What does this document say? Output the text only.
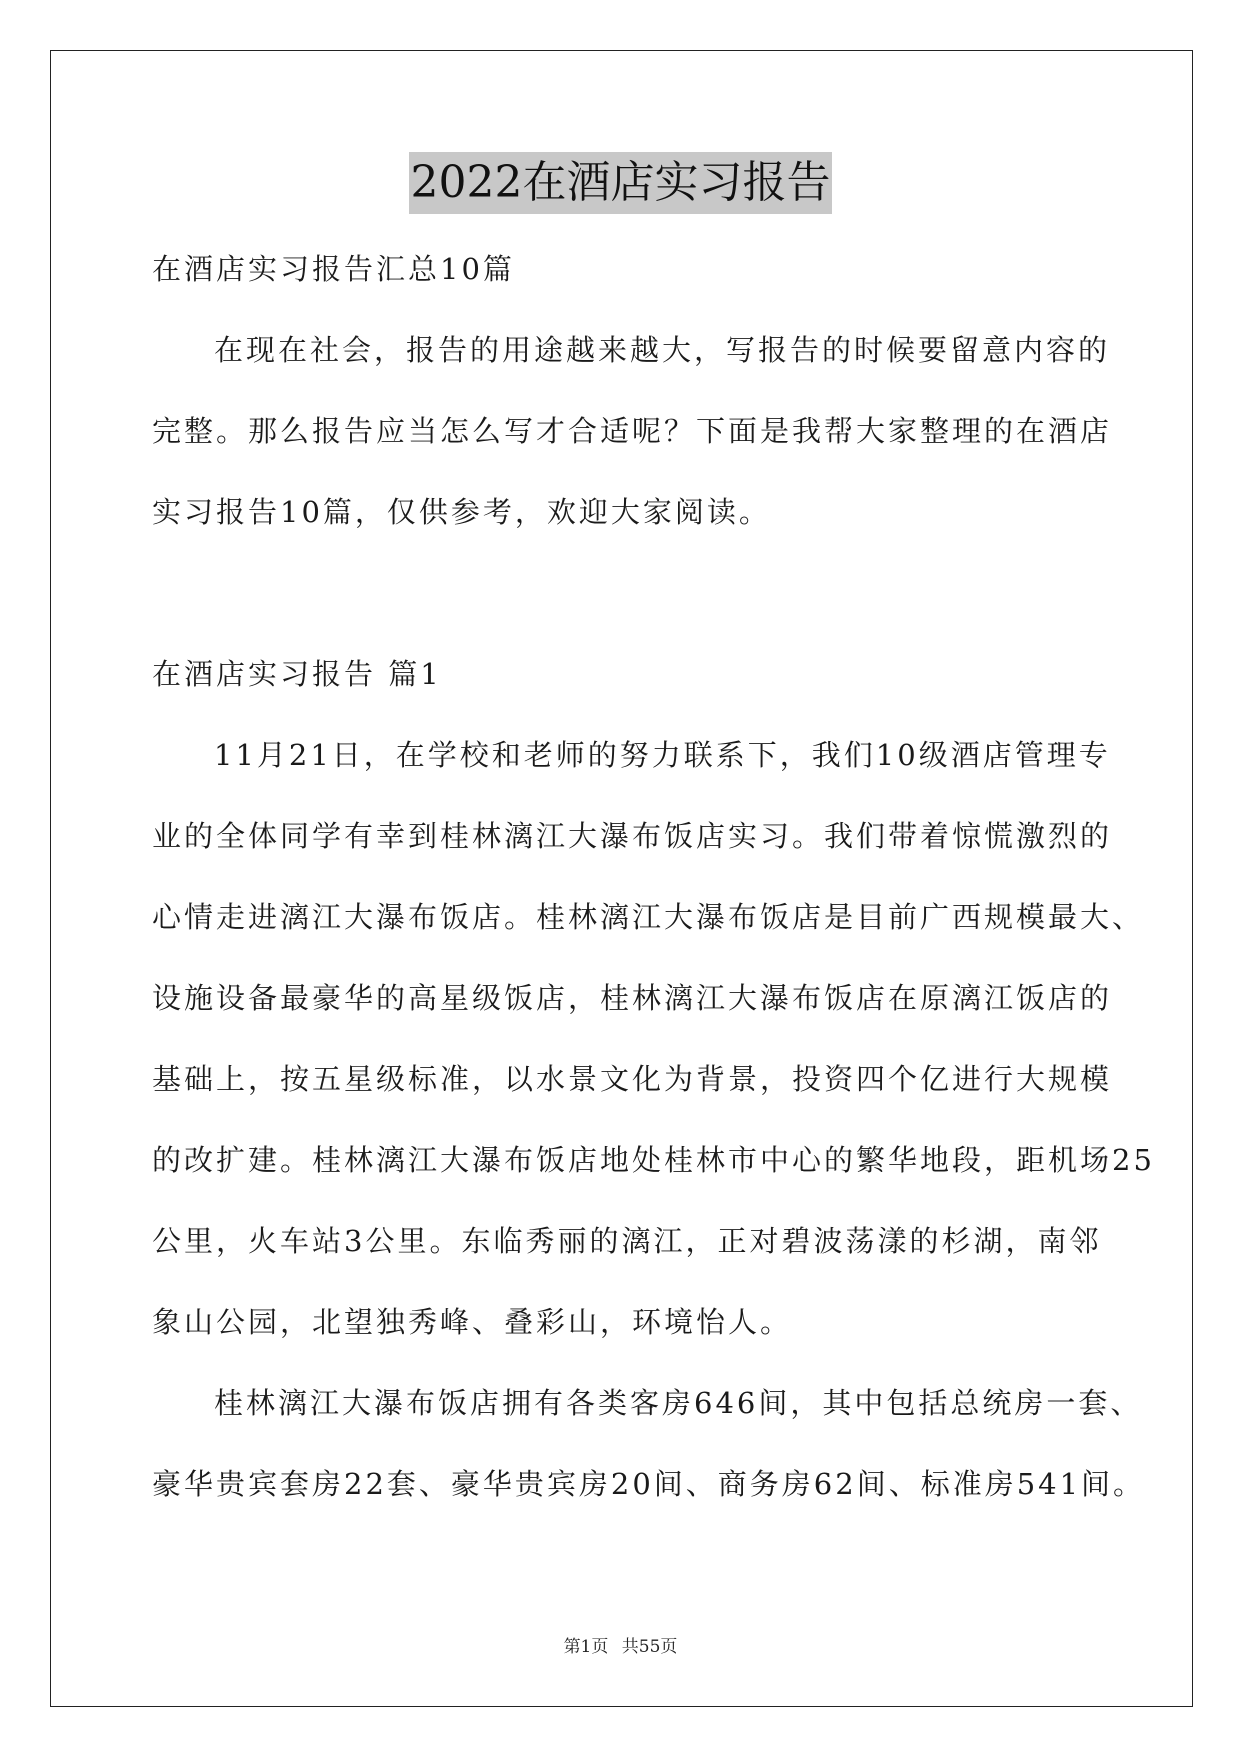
2022在酒店实习报告
在酒店实习报告汇总10篇
在现在社会，报告的用途越来越大，写报告的时候要留意内容的
完整。那么报告应当怎么写才合适呢？下面是我帮大家整理的在酒店
实习报告10篇，仅供参考，欢迎大家阅读。
在酒店实习报告 篇1
11月21日，在学校和老师的努力联系下，我们10级酒店管理专
业的全体同学有幸到桂林漓江大瀑布饭店实习。我们带着惊慌激烈的
心情走进漓江大瀑布饭店。桂林漓江大瀑布饭店是目前广西规模最大、
设施设备最豪华的高星级饭店，桂林漓江大瀑布饭店在原漓江饭店的
基础上，按五星级标准，以水景文化为背景，投资四个亿进行大规模
的改扩建。桂林漓江大瀑布饭店地处桂林市中心的繁华地段，距机场25
公里，火车站3公里。东临秀丽的漓江，正对碧波荡漾的杉湖，南邻
象山公园，北望独秀峰、叠彩山，环境怡人。
桂林漓江大瀑布饭店拥有各类客房646间，其中包括总统房一套、
豪华贵宾套房22套、豪华贵宾房20间、商务房62间、标准房541间。
第1页 共55页
